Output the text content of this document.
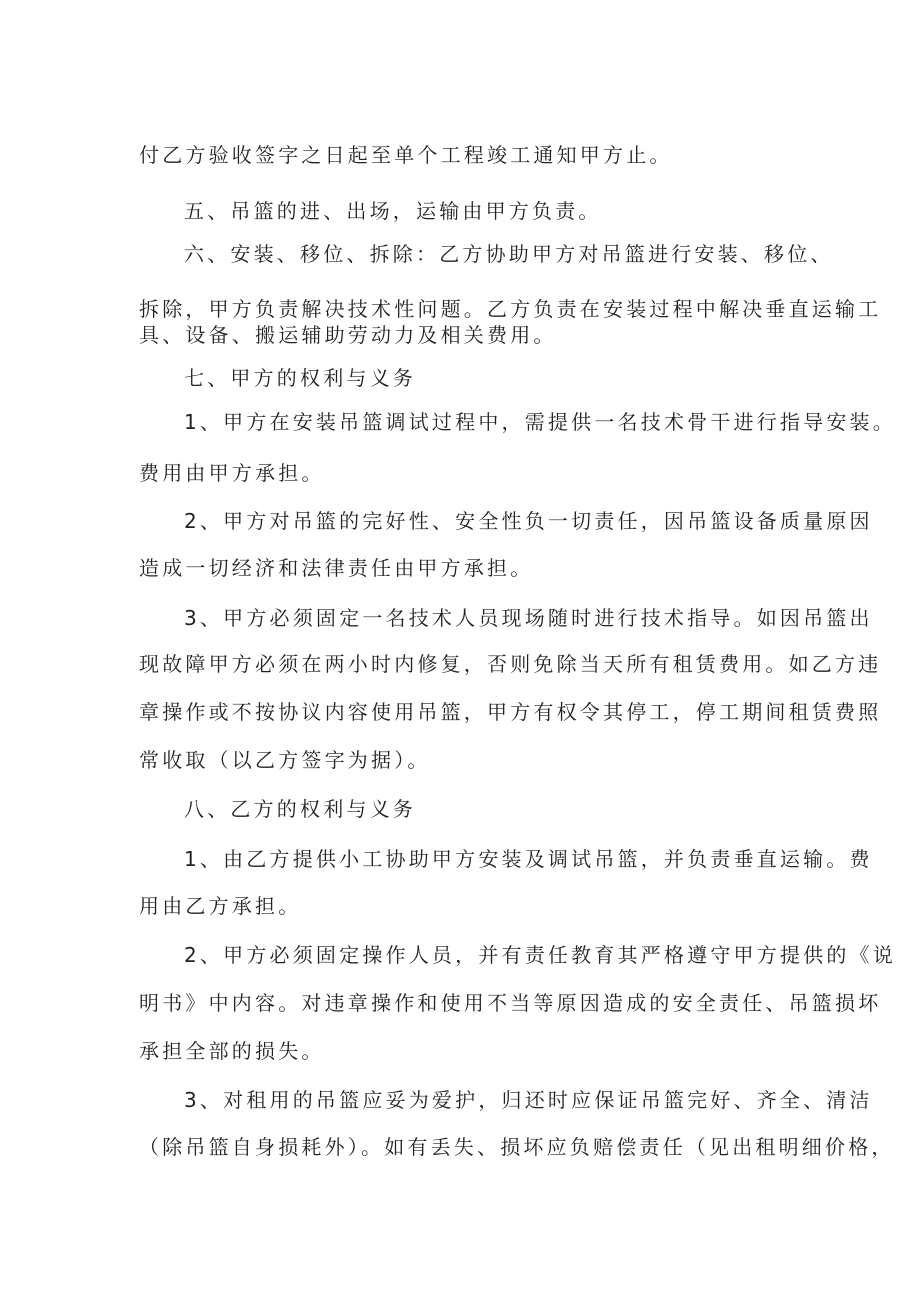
付乙方验收签字之日起至单个工程竣工通知甲方止。
五、吊篮的进、出场，运输由甲方负责。
六、安装、移位、拆除：乙方协助甲方对吊篮进行安装、移位、
拆除，甲方负责解决技术性问题。乙方负责在安装过程中解决垂直运输工
具、设备、搬运辅助劳动力及相关费用。
七、甲方的权利与义务
1、甲方在安装吊篮调试过程中，需提供一名技术骨干进行指导安装。
费用由甲方承担。
2、甲方对吊篮的完好性、安全性负一切责任，因吊篮设备质量原因
造成一切经济和法律责任由甲方承担。
3、甲方必须固定一名技术人员现场随时进行技术指导。如因吊篮出
现故障甲方必须在两小时内修复，否则免除当天所有租赁费用。如乙方违
章操作或不按协议内容使用吊篮，甲方有权令其停工，停工期间租赁费照
常收取（以乙方签字为据）。
八、乙方的权利与义务
1、由乙方提供小工协助甲方安装及调试吊篮，并负责垂直运输。费
用由乙方承担。
2、甲方必须固定操作人员，并有责任教育其严格遵守甲方提供的《说
明书》中内容。对违章操作和使用不当等原因造成的安全责任、吊篮损坏
承担全部的损失。
3、对租用的吊篮应妥为爱护，归还时应保证吊篮完好、齐全、清洁
（除吊篮自身损耗外）。如有丢失、损坏应负赔偿责任（见出租明细价格，
